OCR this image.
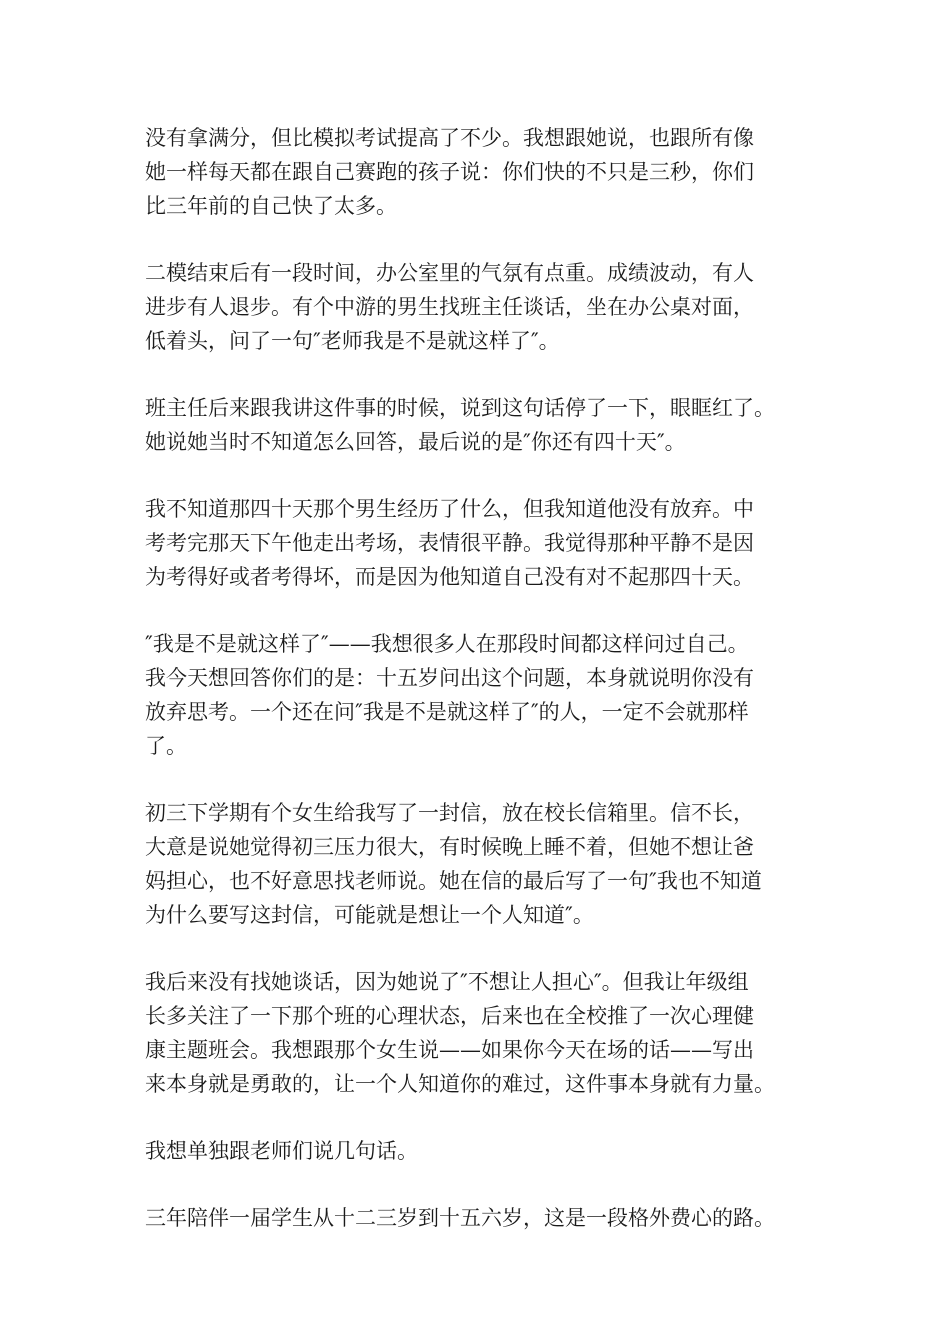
没有拿满分，但比模拟考试提高了不少。我想跟她说，也跟所有像
她一样每天都在跟自己赛跑的孩子说：你们快的不只是三秒，你们
比三年前的自己快了太多。

二模结束后有一段时间，办公室里的气氛有点重。成绩波动，有人
进步有人退步。有个中游的男生找班主任谈话，坐在办公桌对面，
低着头，问了一句″老师我是不是就这样了″。

班主任后来跟我讲这件事的时候，说到这句话停了一下，眼眶红了。
她说她当时不知道怎么回答，最后说的是″你还有四十天″。

我不知道那四十天那个男生经历了什么，但我知道他没有放弃。中
考考完那天下午他走出考场，表情很平静。我觉得那种平静不是因
为考得好或者考得坏，而是因为他知道自己没有对不起那四十天。

″我是不是就这样了″——我想很多人在那段时间都这样问过自己。
我今天想回答你们的是：十五岁问出这个问题，本身就说明你没有
放弃思考。一个还在问″我是不是就这样了″的人，一定不会就那样
了。

初三下学期有个女生给我写了一封信，放在校长信箱里。信不长，
大意是说她觉得初三压力很大，有时候晚上睡不着，但她不想让爸
妈担心，也不好意思找老师说。她在信的最后写了一句″我也不知道
为什么要写这封信，可能就是想让一个人知道″。

我后来没有找她谈话，因为她说了″不想让人担心″。但我让年级组
长多关注了一下那个班的心理状态，后来也在全校推了一次心理健
康主题班会。我想跟那个女生说——如果你今天在场的话——写出
来本身就是勇敢的，让一个人知道你的难过，这件事本身就有力量。

我想单独跟老师们说几句话。

三年陪伴一届学生从十二三岁到十五六岁，这是一段格外费心的路。
